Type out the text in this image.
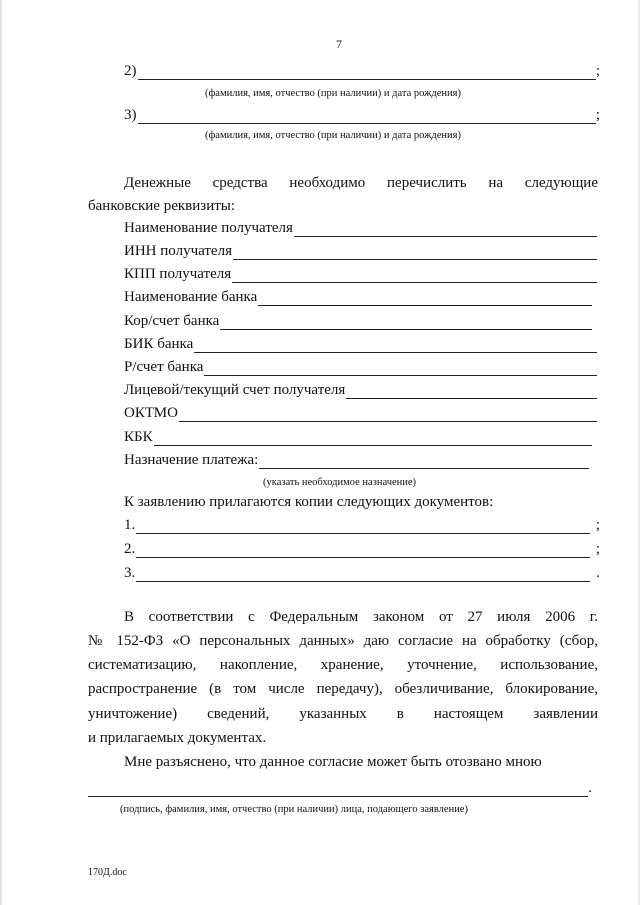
7
2)	;
(фамилия, имя, отчество (при наличии) и дата рождения)
3)	;
(фамилия, имя, отчество (при наличии) и дата рождения)
Денежные средства необходимо перечислить на следующие
банковские реквизиты:
Наименование получателя
ИНН получателя
КПП получателя
Наименование банка
Кор/счет банка
БИК банка
Р/счет банка
Лицевой/текущий счет получателя
ОКТМО
КБК
Назначение платежа:
(указать необходимое назначение)
К заявлению прилагаются копии следующих документов:
1.	;
2.	;
3.	.
В соответствии с Федеральным законом от 27 июля 2006 г.
№ 152-ФЗ «О персональных данных» даю согласие на обработку (сбор,
систематизацию, накопление, хранение, уточнение, использование,
распространение (в том числе передачу), обезличивание, блокирование,
уничтожение) сведений, указанных в настоящем заявлении
и прилагаемых документах.
Мне разъяснено, что данное согласие может быть отозвано мною
.
(подпись, фамилия, имя, отчество (при наличии) лица, подающего заявление)
170Д.doc
